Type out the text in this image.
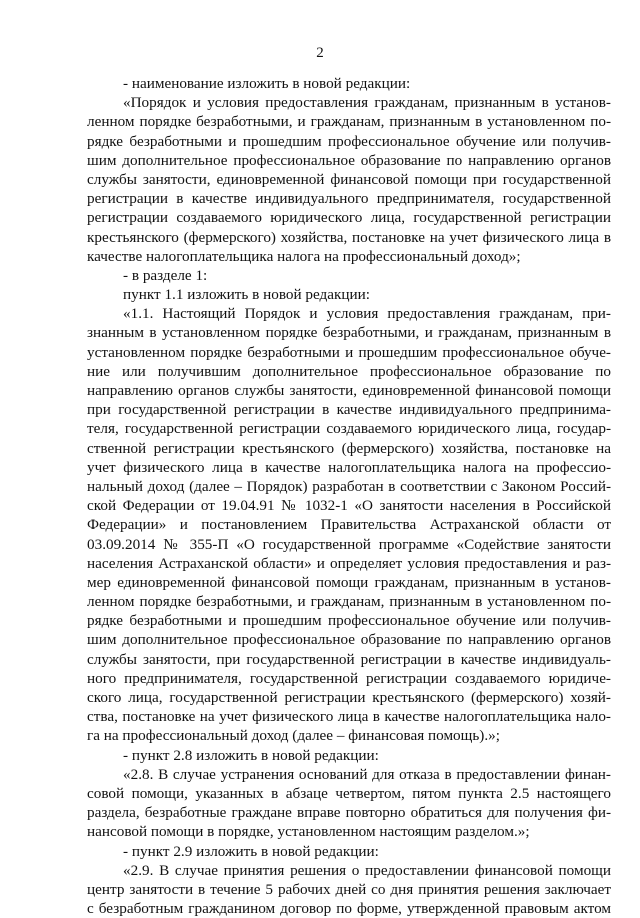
2
- наименование изложить в новой редакции:
«Порядок и условия предоставления гражданам, признанным в установ-
ленном порядке безработными, и гражданам, признанным в установленном по-
рядке безработными и прошедшим профессиональное обучение или получив-
шим дополнительное профессиональное образование по направлению органов
службы занятости, единовременной финансовой помощи при государственной
регистрации в качестве индивидуального предпринимателя, государственной
регистрации создаваемого юридического лица, государственной регистрации
крестьянского (фермерского) хозяйства, постановке на учет физического лица в
качестве налогоплательщика налога на профессиональный доход»;
- в разделе 1:
пункт 1.1 изложить в новой редакции:
«1.1. Настоящий Порядок и условия предоставления гражданам, при-
знанным в установленном порядке безработными, и гражданам, признанным в
установленном порядке безработными и прошедшим профессиональное обуче-
ние или получившим дополнительное профессиональное образование по
направлению органов службы занятости, единовременной финансовой помощи
при государственной регистрации в качестве индивидуального предпринима-
теля, государственной регистрации создаваемого юридического лица, государ-
ственной регистрации крестьянского (фермерского) хозяйства, постановке на
учет физического лица в качестве налогоплательщика налога на профессио-
нальный доход (далее – Порядок) разработан в соответствии с Законом Россий-
ской Федерации от 19.04.91 № 1032-1 «О занятости населения в Российской
Федерации» и постановлением Правительства Астраханской области от
03.09.2014 № 355-П «О государственной программе «Содействие занятости
населения Астраханской области» и определяет условия предоставления и раз-
мер единовременной финансовой помощи гражданам, признанным в установ-
ленном порядке безработными, и гражданам, признанным в установленном по-
рядке безработными и прошедшим профессиональное обучение или получив-
шим дополнительное профессиональное образование по направлению органов
службы занятости, при государственной регистрации в качестве индивидуаль-
ного предпринимателя, государственной регистрации создаваемого юридиче-
ского лица, государственной регистрации крестьянского (фермерского) хозяй-
ства, постановке на учет физического лица в качестве налогоплательщика нало-
га на профессиональный доход (далее – финансовая помощь).»;
- пункт 2.8 изложить в новой редакции:
«2.8. В случае устранения оснований для отказа в предоставлении финан-
совой помощи, указанных в абзаце четвертом, пятом пункта 2.5 настоящего
раздела, безработные граждане вправе повторно обратиться для получения фи-
нансовой помощи в порядке, установленном настоящим разделом.»;
- пункт 2.9 изложить в новой редакции:
«2.9. В случае принятия решения о предоставлении финансовой помощи
центр занятости в течение 5 рабочих дней со дня принятия решения заключает
с безработным гражданином договор по форме, утвержденной правовым актом
